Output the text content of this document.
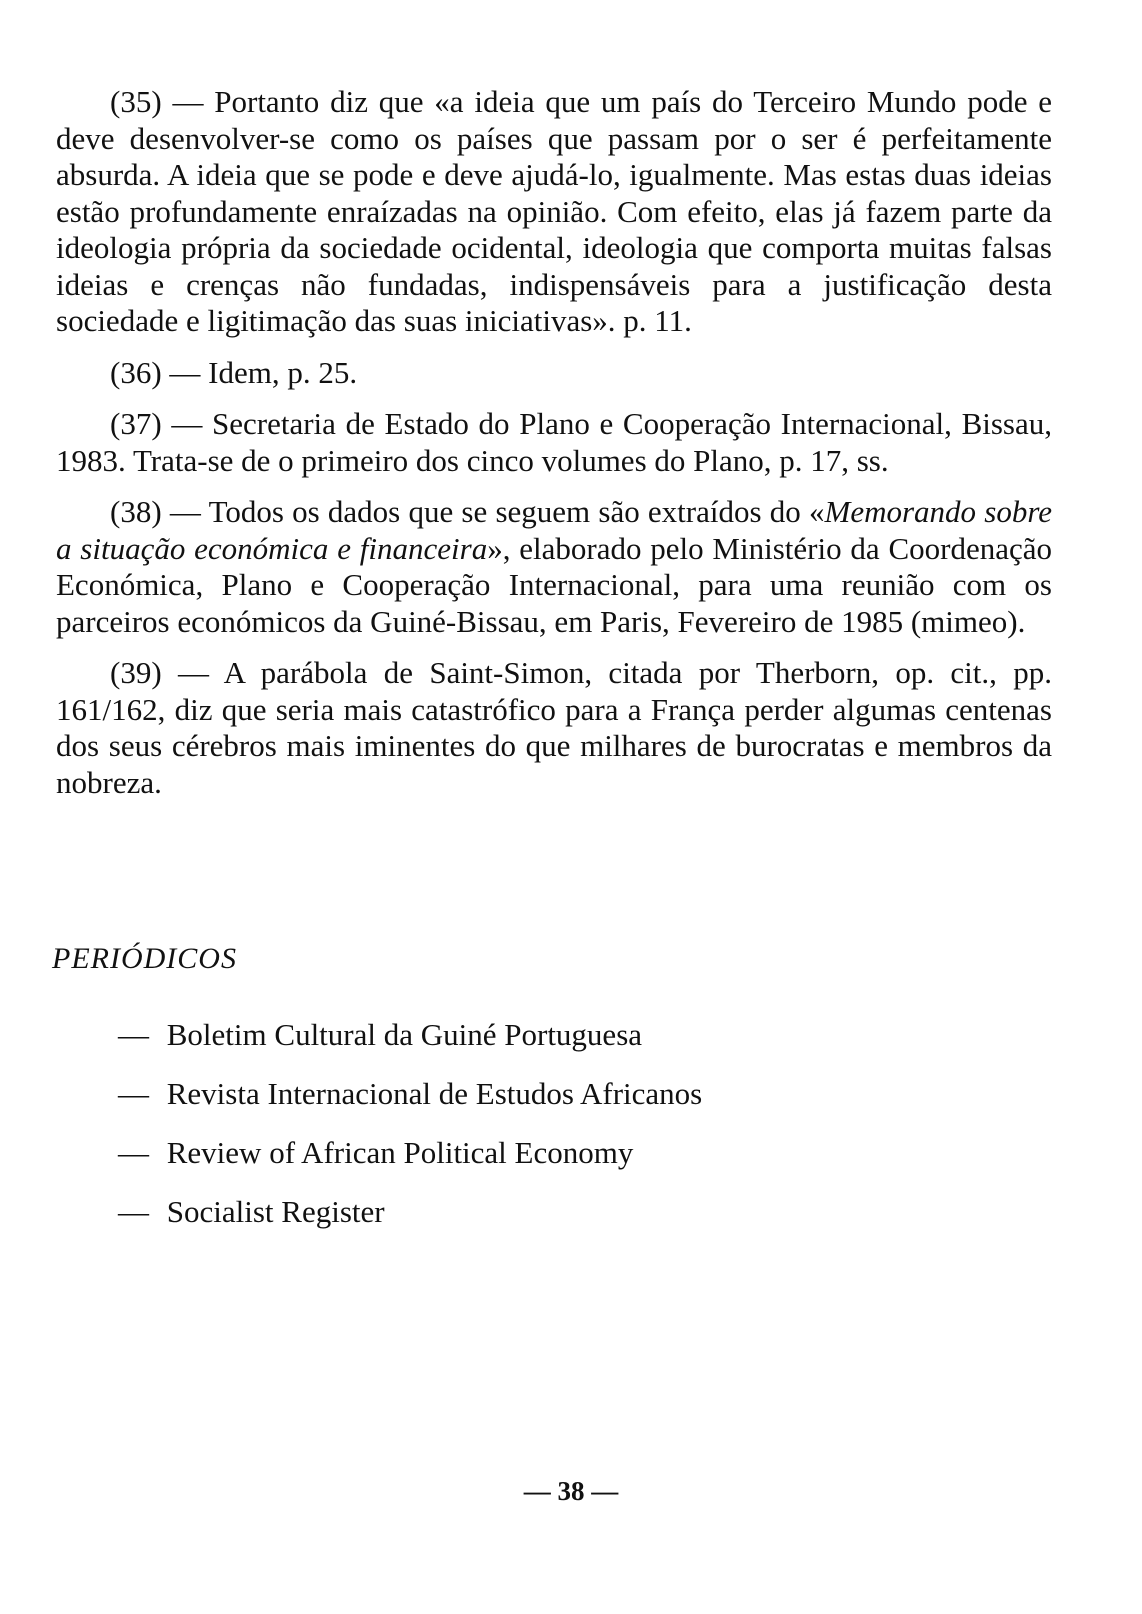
(35) — Portanto diz que «a ideia que um país do Terceiro Mundo pode e deve desenvolver-se como os países que passam por o ser é perfeitamente absurda. A ideia que se pode e deve ajudá-lo, igualmente. Mas estas duas ideias estão profundamente enraízadas na opinião. Com efeito, elas já fazem parte da ideologia própria da sociedade ocidental, ideologia que comporta muitas falsas ideias e crenças não fundadas, indispensáveis para a justificação desta sociedade e ligitimação das suas iniciativas». p. 11.

(36) — Idem, p. 25.

(37) — Secretaria de Estado do Plano e Cooperação Internacional, Bissau, 1983. Trata-se de o primeiro dos cinco volumes do Plano, p. 17, ss.

(38) — Todos os dados que se seguem são extraídos do «Memorando sobre a situação económica e financeira», elaborado pelo Ministério da Coordenação Económica, Plano e Cooperação Internacional, para uma reunião com os parceiros económicos da Guiné-Bissau, em Paris, Fevereiro de 1985 (mimeo).

(39) — A parábola de Saint-Simon, citada por Therborn, op. cit., pp. 161/162, diz que seria mais catastrófico para a França perder algumas centenas dos seus cérebros mais iminentes do que milhares de burocratas e membros da nobreza.

PERIÓDICOS
— Boletim Cultural da Guiné Portuguesa
— Revista Internacional de Estudos Africanos
— Review of African Political Economy
— Socialist Register
— 38 —
